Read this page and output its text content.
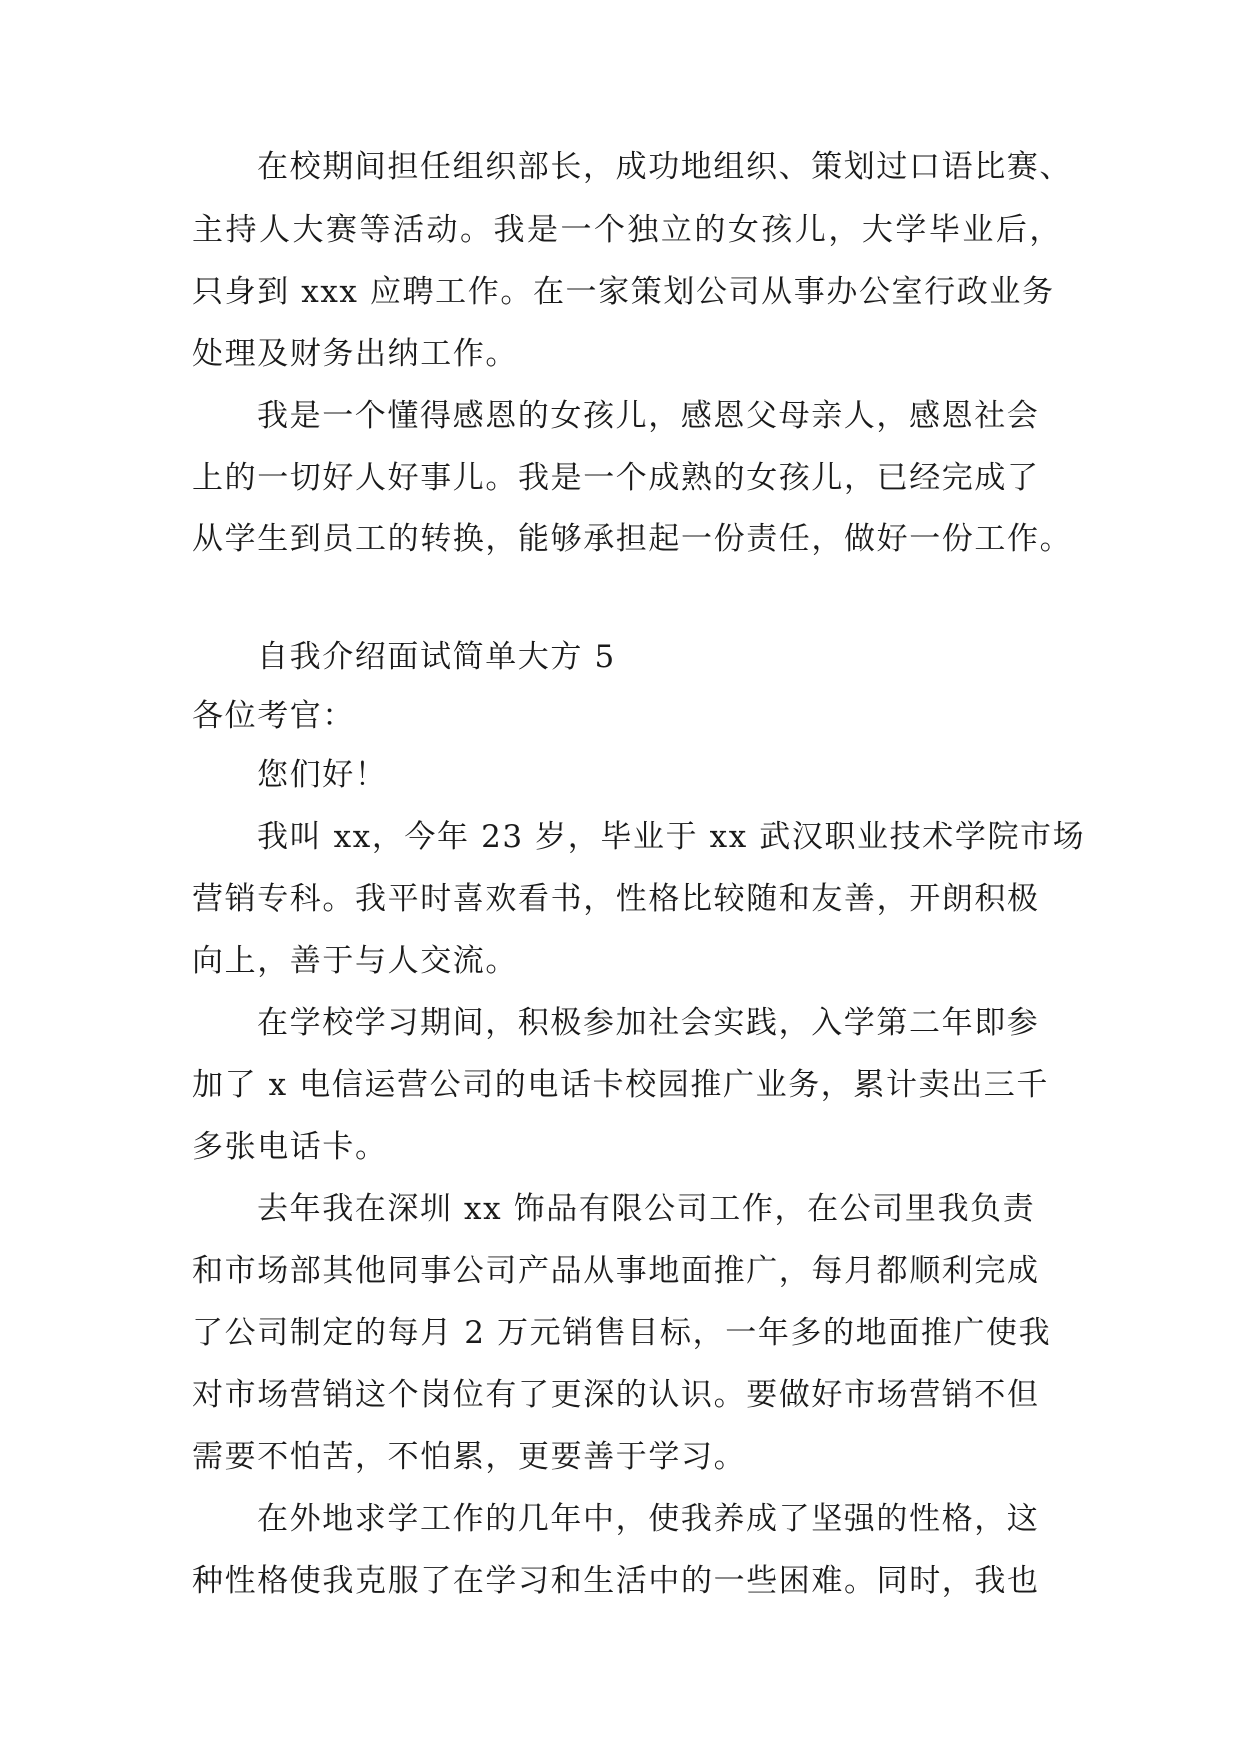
在校期间担任组织部长，成功地组织、策划过口语比赛、
主持人大赛等活动。我是一个独立的女孩儿，大学毕业后，
只身到 xxx 应聘工作。在一家策划公司从事办公室行政业务
处理及财务出纳工作。
我是一个懂得感恩的女孩儿，感恩父母亲人，感恩社会
上的一切好人好事儿。我是一个成熟的女孩儿，已经完成了
从学生到员工的转换，能够承担起一份责任，做好一份工作。
自我介绍面试简单大方 5
各位考官：
您们好！
我叫 xx，今年 23 岁，毕业于 xx 武汉职业技术学院市场
营销专科。我平时喜欢看书，性格比较随和友善，开朗积极
向上，善于与人交流。
在学校学习期间，积极参加社会实践，入学第二年即参
加了 x 电信运营公司的电话卡校园推广业务，累计卖出三千
多张电话卡。
去年我在深圳 xx 饰品有限公司工作，在公司里我负责
和市场部其他同事公司产品从事地面推广，每月都顺利完成
了公司制定的每月 2 万元销售目标，一年多的地面推广使我
对市场营销这个岗位有了更深的认识。要做好市场营销不但
需要不怕苦，不怕累，更要善于学习。
在外地求学工作的几年中，使我养成了坚强的性格，这
种性格使我克服了在学习和生活中的一些困难。同时，我也
